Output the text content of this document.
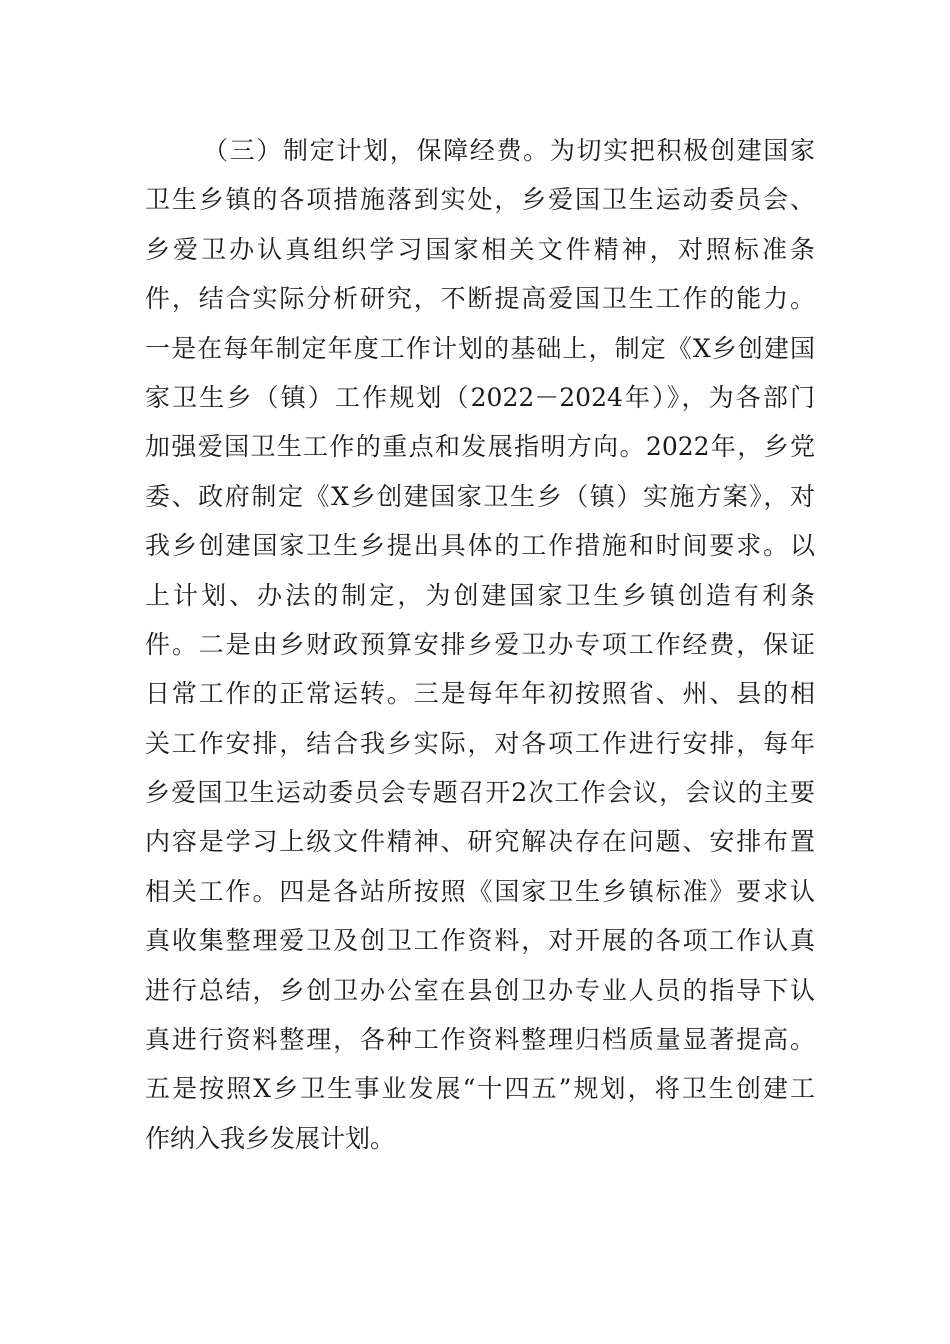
（三）制定计划，保障经费。为切实把积极创建国家
卫生乡镇的各项措施落到实处，乡爱国卫生运动委员会、
乡爱卫办认真组织学习国家相关文件精神，对照标准条
件，结合实际分析研究，不断提高爱国卫生工作的能力。
一是在每年制定年度工作计划的基础上，制定《X乡创建国
家卫生乡（镇）工作规划（2022－2024年）》，为各部门
加强爱国卫生工作的重点和发展指明方向。2022年，乡党
委、政府制定《X乡创建国家卫生乡（镇）实施方案》，对
我乡创建国家卫生乡提出具体的工作措施和时间要求。以
上计划、办法的制定，为创建国家卫生乡镇创造有利条
件。二是由乡财政预算安排乡爱卫办专项工作经费，保证
日常工作的正常运转。三是每年年初按照省、州、县的相
关工作安排，结合我乡实际，对各项工作进行安排，每年
乡爱国卫生运动委员会专题召开2次工作会议，会议的主要
内容是学习上级文件精神、研究解决存在问题、安排布置
相关工作。四是各站所按照《国家卫生乡镇标准》要求认
真收集整理爱卫及创卫工作资料，对开展的各项工作认真
进行总结，乡创卫办公室在县创卫办专业人员的指导下认
真进行资料整理，各种工作资料整理归档质量显著提高。
五是按照X乡卫生事业发展“十四五”规划，将卫生创建工
作纳入我乡发展计划。
